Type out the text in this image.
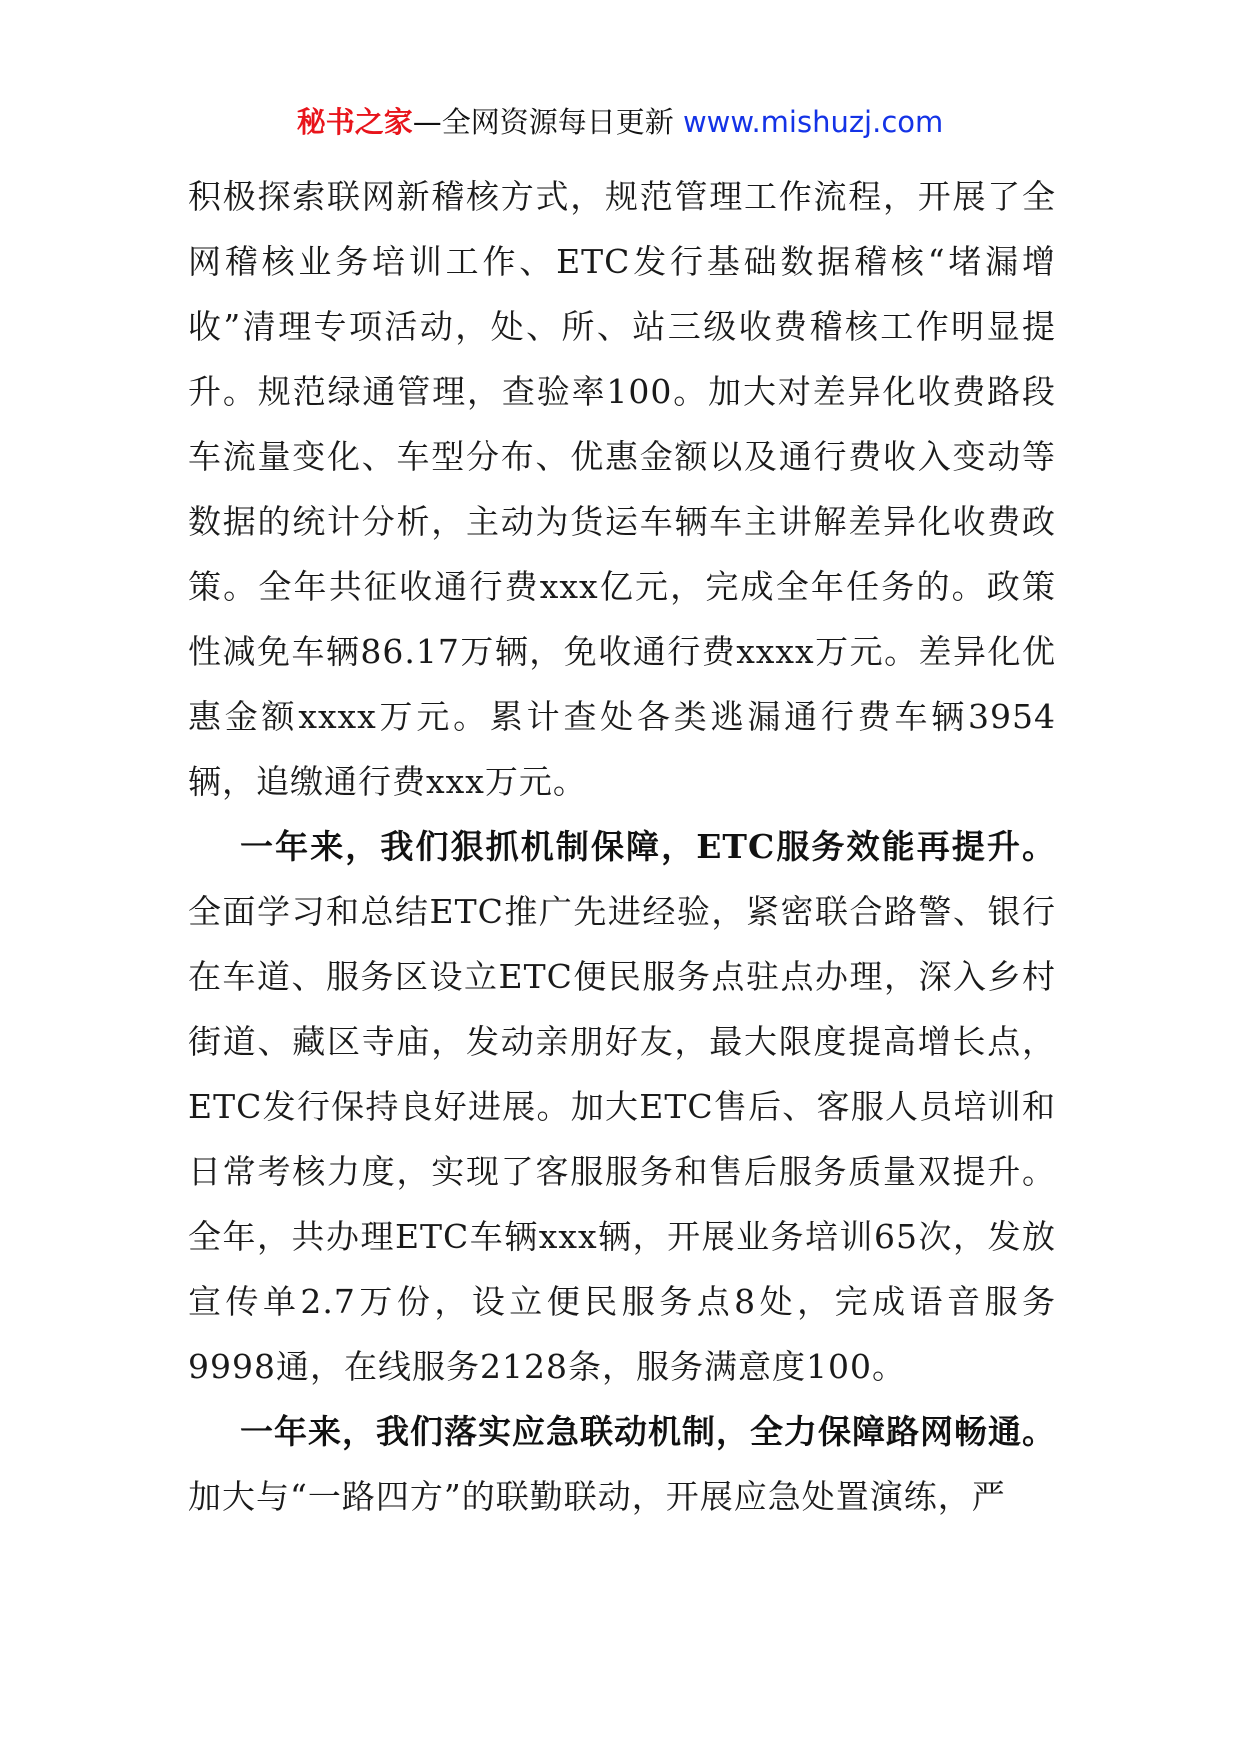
秘书之家—全网资源每日更新 www.mishuzj.com

积极探索联网新稽核方式，规范管理工作流程，开展了全网稽核业务培训工作、ETC发行基础数据稽核“堵漏增收”清理专项活动，处、所、站三级收费稽核工作明显提升。规范绿通管理，查验率100。加大对差异化收费路段车流量变化、车型分布、优惠金额以及通行费收入变动等数据的统计分析，主动为货运车辆车主讲解差异化收费政策。全年共征收通行费xxx亿元，完成全年任务的。政策性减免车辆86.17万辆，免收通行费xxxx万元。差异化优惠金额xxxx万元。累计查处各类逃漏通行费车辆3954辆，追缴通行费xxx万元。

一年来，我们狠抓机制保障，ETC服务效能再提升。全面学习和总结ETC推广先进经验，紧密联合路警、银行在车道、服务区设立ETC便民服务点驻点办理，深入乡村街道、藏区寺庙，发动亲朋好友，最大限度提高增长点，ETC发行保持良好进展。加大ETC售后、客服人员培训和日常考核力度，实现了客服服务和售后服务质量双提升。全年，共办理ETC车辆xxx辆，开展业务培训65次，发放宣传单2.7万份，设立便民服务点8处，完成语音服务9998通，在线服务2128条，服务满意度100。

一年来，我们落实应急联动机制，全力保障路网畅通。加大与“一路四方”的联勤联动，开展应急处置演练，严
